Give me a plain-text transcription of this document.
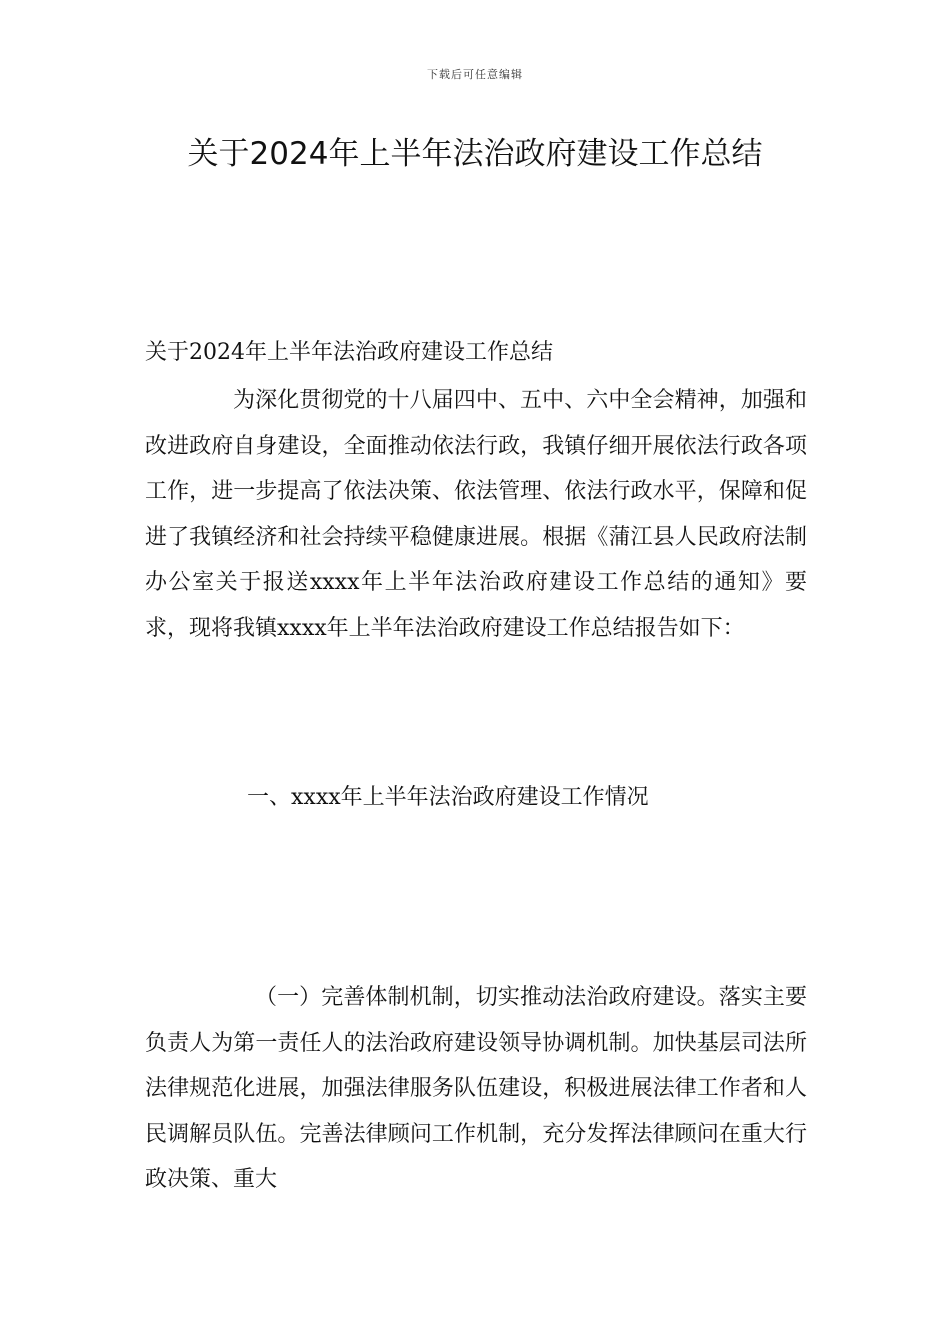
下载后可任意编辑
关于2024年上半年法治政府建设工作总结

关于2024年上半年法治政府建设工作总结

为深化贯彻党的十八届四中、五中、六中全会精神，加强和改进政府自身建设，全面推动依法行政，我镇仔细开展依法行政各项工作，进一步提高了依法决策、依法管理、依法行政水平，保障和促进了我镇经济和社会持续平稳健康进展。根据《蒲江县人民政府法制办公室关于报送xxxx年上半年法治政府建设工作总结的通知》要求，现将我镇xxxx年上半年法治政府建设工作总结报告如下：

一、xxxx年上半年法治政府建设工作情况

（一）完善体制机制，切实推动法治政府建设。落实主要负责人为第一责任人的法治政府建设领导协调机制。加快基层司法所法律规范化进展，加强法律服务队伍建设，积极进展法律工作者和人民调解员队伍。完善法律顾问工作机制，充分发挥法律顾问在重大行政决策、重大
